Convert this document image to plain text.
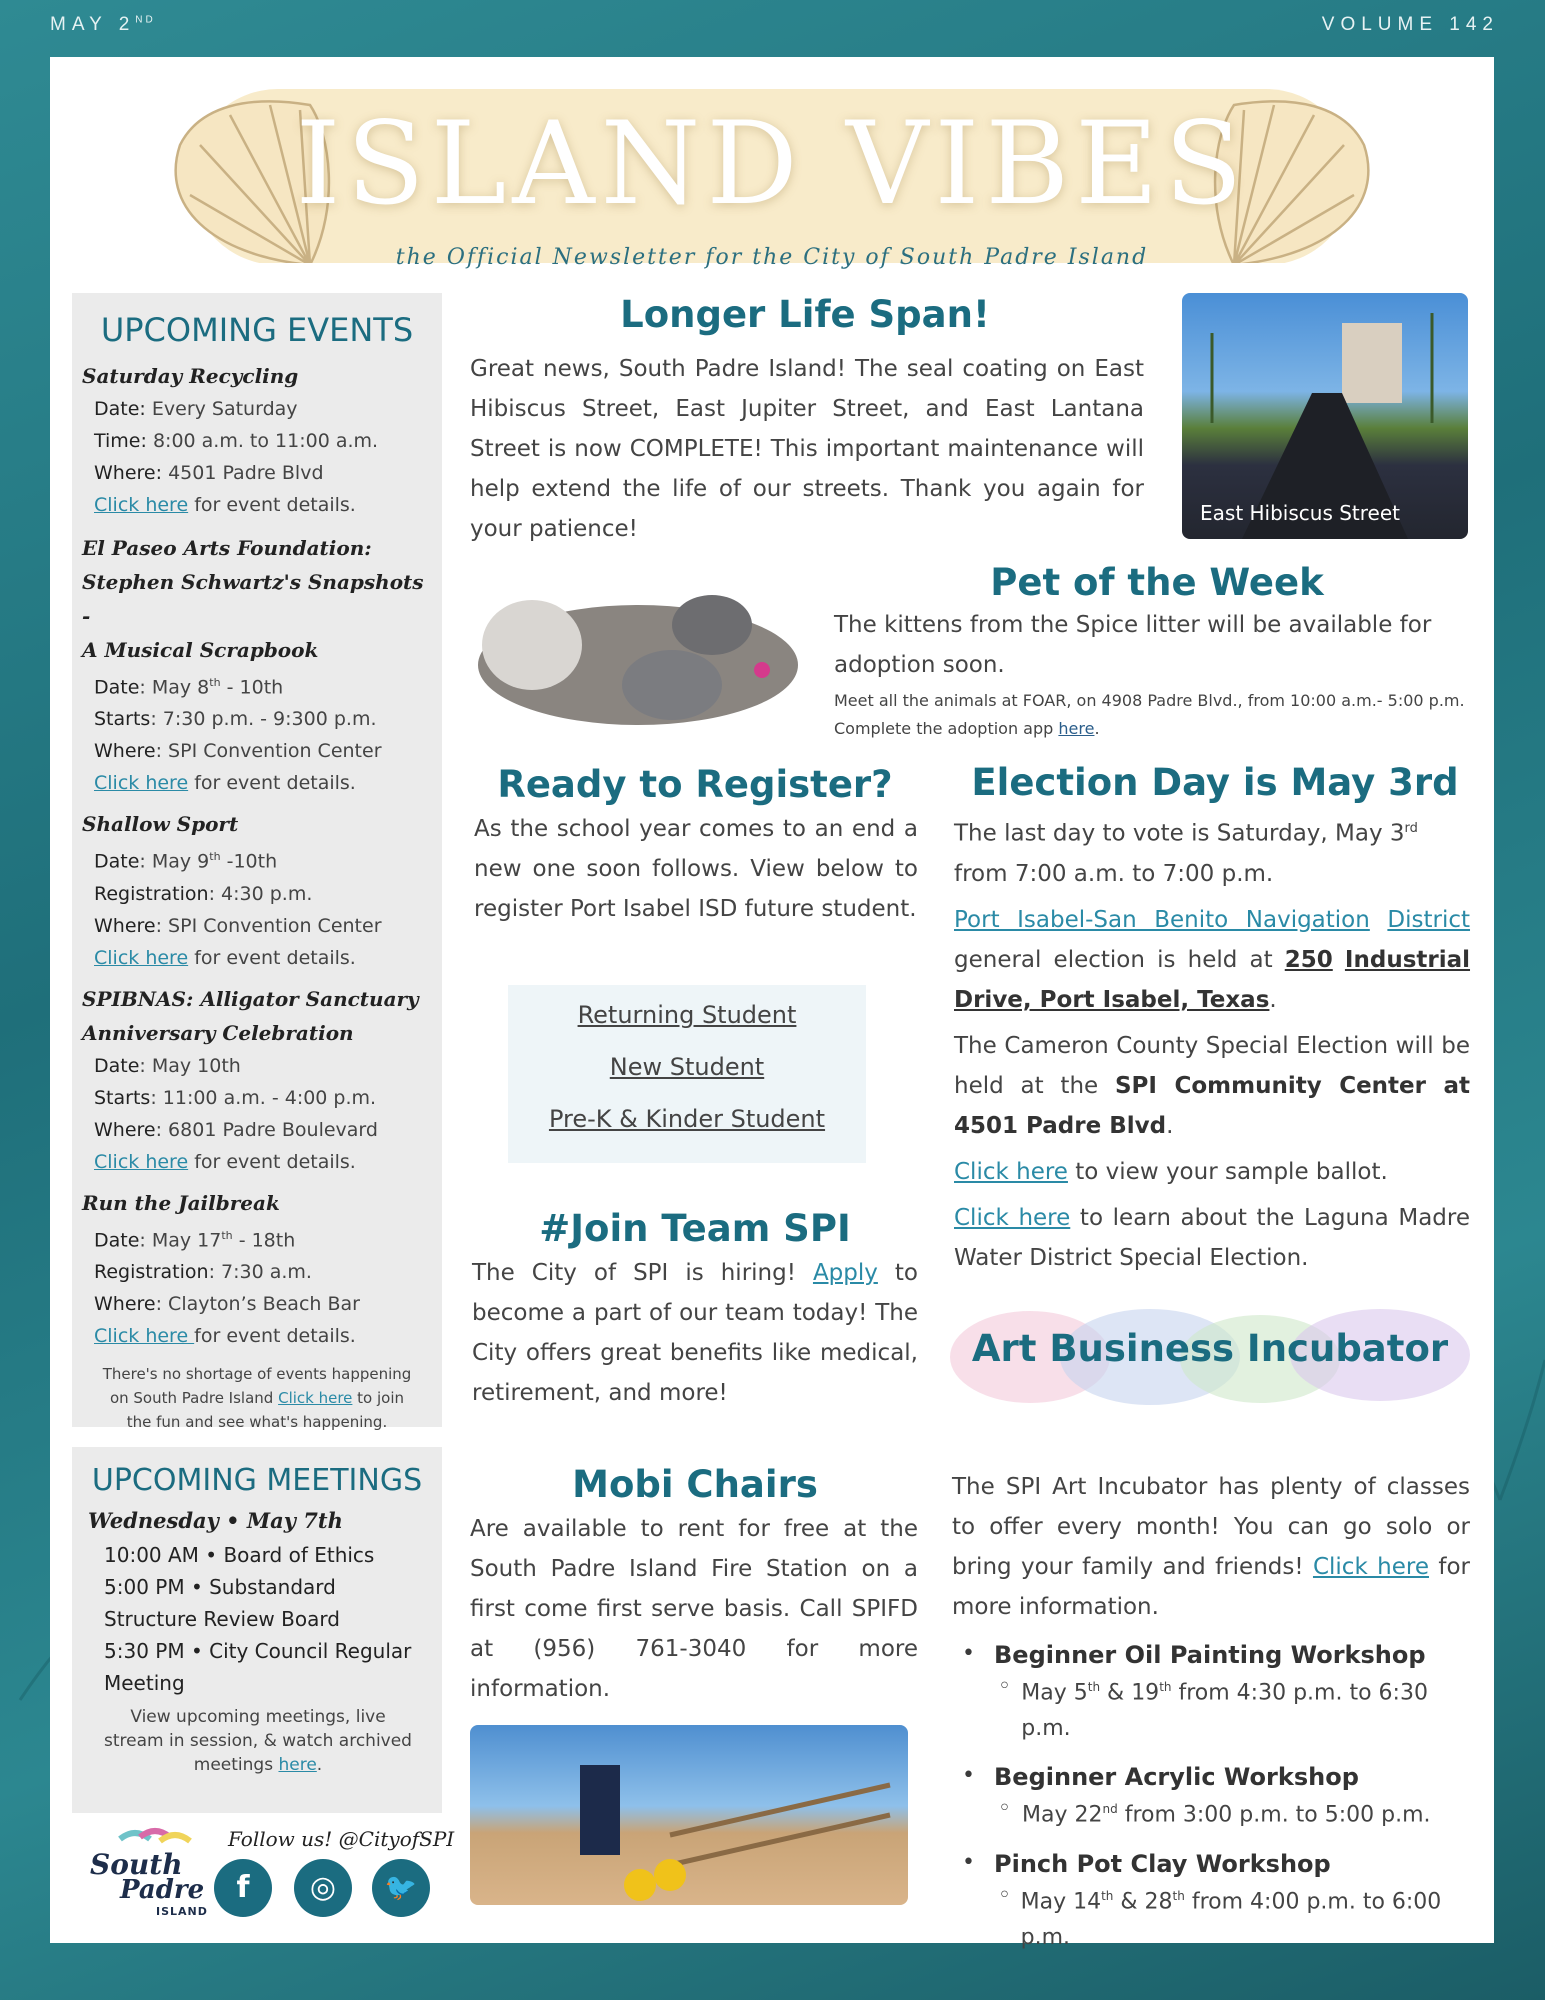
MAY 2ND	VOLUME 142
ISLAND VIBES
the Official Newsletter for the City of South Padre Island
UPCOMING EVENTS
Saturday Recycling
Date: Every Saturday
Time: 8:00 a.m. to 11:00 a.m.
Where: 4501 Padre Blvd
Click here for event details.
El Paseo Arts Foundation:
Stephen Schwartz's Snapshots -
A Musical Scrapbook
Date: May 8th - 10th
Starts: 7:30 p.m. - 9:300 p.m.
Where: SPI Convention Center
Click here for event details.
Shallow Sport
Date: May 9th -10th
Registration: 4:30 p.m.
Where: SPI Convention Center
Click here for event details.
SPIBNAS: Alligator Sanctuary
Anniversary Celebration
Date: May 10th
Starts: 11:00 a.m. - 4:00 p.m.
Where: 6801 Padre Boulevard
Click here for event details.
Run the Jailbreak
Date: May 17th - 18th
Registration: 7:30 a.m.
Where: Clayton’s Beach Bar
Click here for event details.
There's no shortage of events happening
on South Padre Island Click here to join
the fun and see what's happening.
UPCOMING MEETINGS
Wednesday • May 7th
10:00 AM • Board of Ethics
5:00 PM • Substandard
Structure Review Board
5:30 PM • City Council Regular
Meeting
View upcoming meetings, live
stream in session, & watch archived
meetings here.
South
Padre
ISLAND
Follow us! @CityofSPI
f	◎	🐦
Longer Life Span!
Great news, South Padre Island! The seal coating on East Hibiscus Street, East Jupiter Street, and East Lantana Street is now COMPLETE! This important maintenance will help extend the life of our streets. Thank you again for your patience!
East Hibiscus Street
Pet of the Week
The kittens from the Spice litter will be available for adoption soon.
Meet all the animals at FOAR, on 4908 Padre Blvd., from 10:00 a.m.- 5:00 p.m. Complete the adoption app here.
Ready to Register?
As the school year comes to an end a new one soon follows. View below to register Port Isabel ISD future student.
Returning Student
New Student
Pre-K & Kinder Student
Election Day is May 3rd
The last day to vote is Saturday, May 3rd
from 7:00 a.m. to 7:00 p.m.
Port Isabel-San Benito Navigation District general election is held at 250 Industrial Drive, Port Isabel, Texas.
The Cameron County Special Election will be held at the SPI Community Center at 4501 Padre Blvd.
Click here to view your sample ballot.
Click here to learn about the Laguna Madre Water District Special Election.
#Join Team SPI
The City of SPI is hiring! Apply to become a part of our team today! The City offers great benefits like medical, retirement, and more!
Mobi Chairs
Are available to rent for free at the South Padre Island Fire Station on a first come first serve basis. Call SPIFD at (956) 761-3040 for more information.
Art Business Incubator
The SPI Art Incubator has plenty of classes to offer every month! You can go solo or bring your family and friends! Click here for more information.
• Beginner Oil Painting Workshop
◦ May 5th & 19th from 4:30 p.m. to 6:30 p.m.
• Beginner Acrylic Workshop
◦ May 22nd from 3:00 p.m. to 5:00 p.m.
• Pinch Pot Clay Workshop
◦ May 14th & 28th from 4:00 p.m. to 6:00 p.m.
